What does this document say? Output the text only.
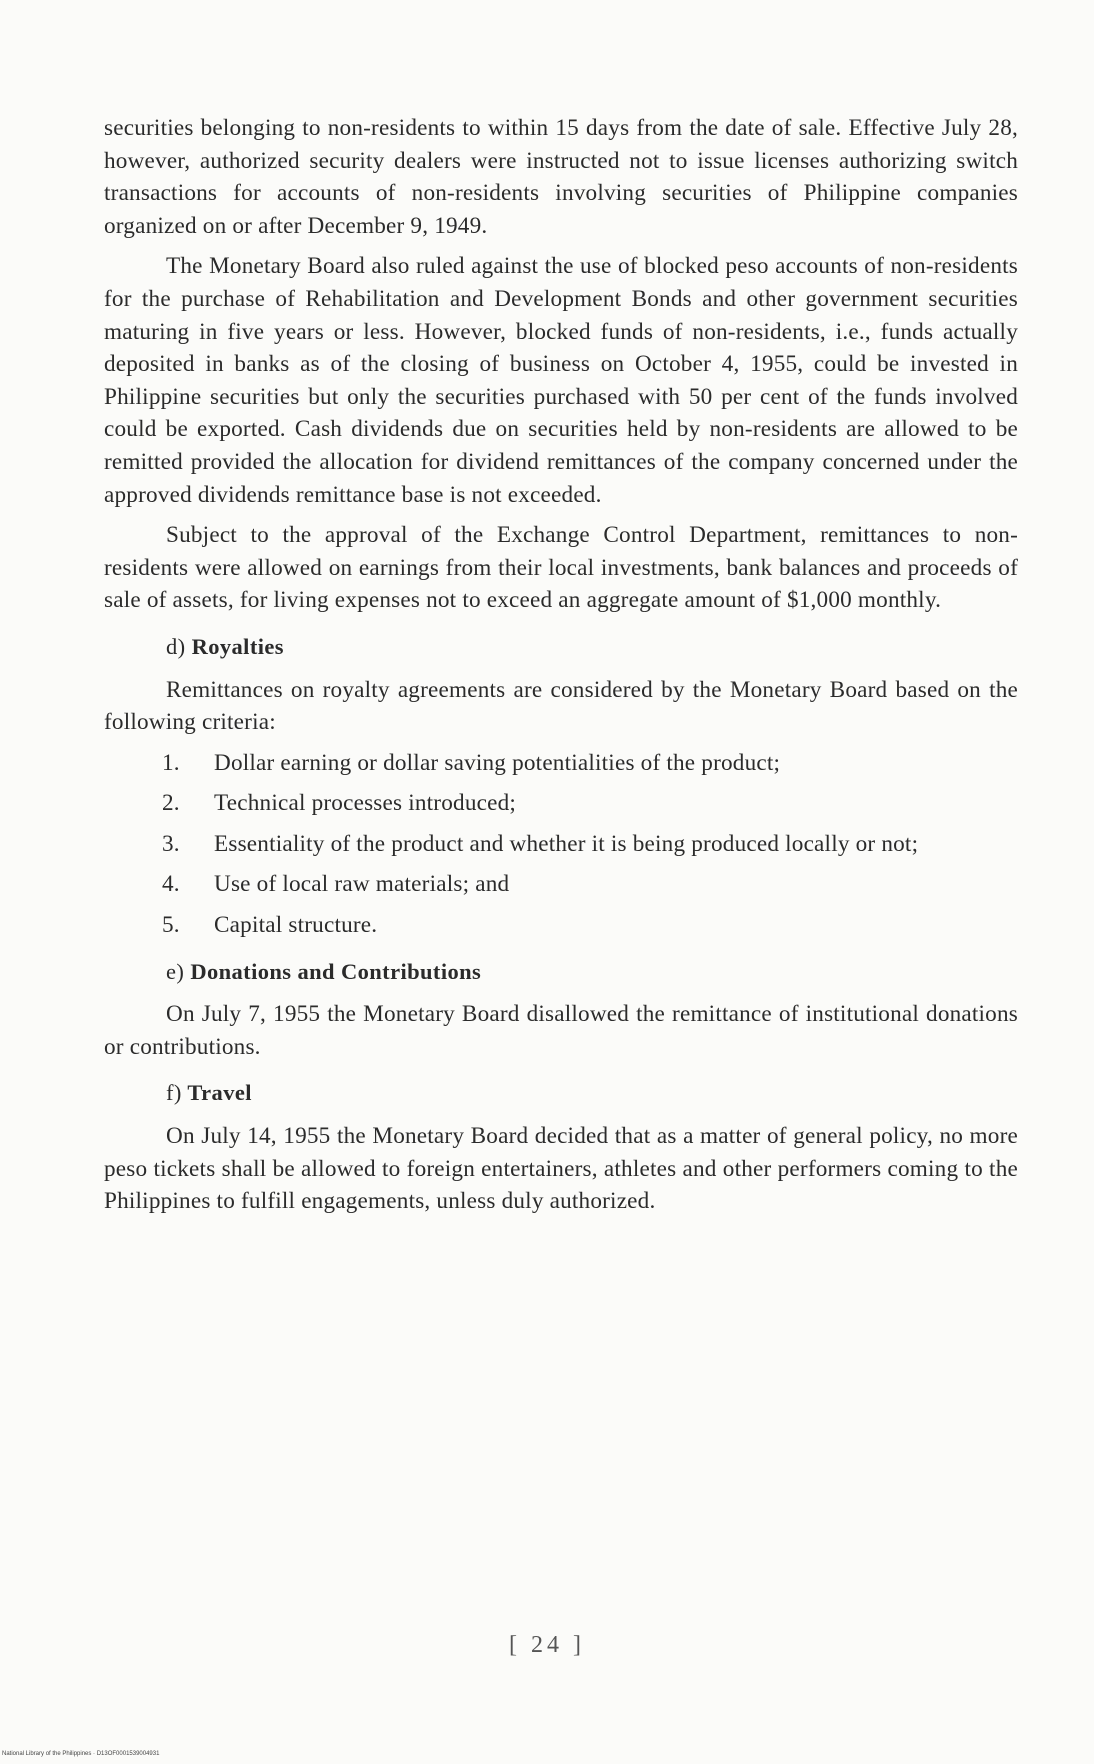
securities belonging to non-residents to within 15 days from the date of sale. Effective July 28, however, authorized security dealers were instructed not to issue licenses authorizing switch transactions for accounts of non-residents involving securities of Philippine companies organized on or after December 9, 1949.

The Monetary Board also ruled against the use of blocked peso accounts of non-residents for the purchase of Rehabilitation and Development Bonds and other government securities maturing in five years or less. However, blocked funds of non-residents, i.e., funds actually deposited in banks as of the closing of business on October 4, 1955, could be invested in Philippine securities but only the securities purchased with 50 per cent of the funds involved could be exported. Cash dividends due on securities held by non-residents are allowed to be remitted provided the allocation for dividend remittances of the company concerned under the approved dividends remittance base is not exceeded.

Subject to the approval of the Exchange Control Department, remittances to non-residents were allowed on earnings from their local investments, bank balances and proceeds of sale of assets, for living expenses not to exceed an aggregate amount of $1,000 monthly.

d) Royalties

Remittances on royalty agreements are considered by the Monetary Board based on the following criteria:

1. Dollar earning or dollar saving potentialities of the product;
2. Technical processes introduced;
3. Essentiality of the product and whether it is being produced locally or not;
4. Use of local raw materials; and
5. Capital structure.
e) Donations and Contributions

On July 7, 1955 the Monetary Board disallowed the remittance of institutional donations or contributions.

f) Travel

On July 14, 1955 the Monetary Board decided that as a matter of general policy, no more peso tickets shall be allowed to foreign entertainers, athletes and other performers coming to the Philippines to fulfill engagements, unless duly authorized.

[ 24 ]
National Library of the Philippines · D13OF0001539004931
